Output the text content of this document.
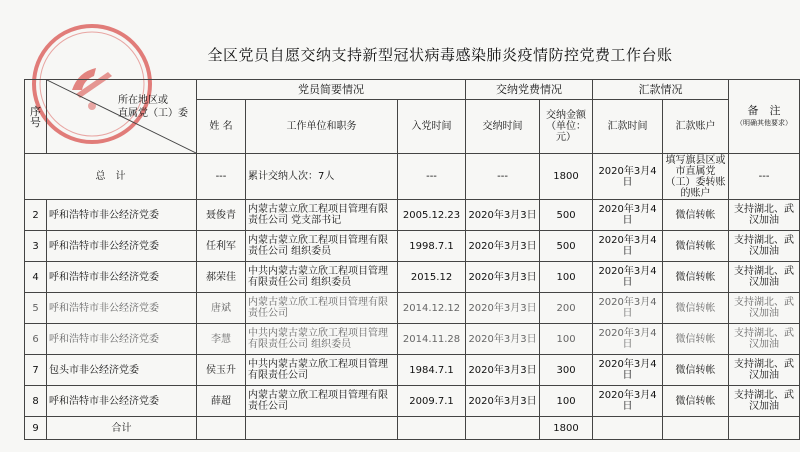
全区党员自愿交纳支持新型冠状病毒感染肺炎疫情防控党费工作台账
序号	所在地区或
直属党（工）委	党员简要情况			交纳党费情况		汇款情况		备　注
（明确其他要求）

		姓 名	工作单位和职务	入党时间	交纳时间	交纳金额（单位：元）	汇款时间	汇款账户	
总　计		---	累计交纳人次：7人	---	---	1800	2020年3月4日	填写旗县区或市直属党（工）委转账的账户	---
2	呼和浩特市非公经济党委	聂俊青	内蒙古蒙立欣工程项目管理有限责任公司 党支部书记	2005.12.23	2020年3月3日	500	2020年3月4日	微信转帐	支持湖北、武汉加油
3	呼和浩特市非公经济党委	任利军	内蒙古蒙立欣工程项目管理有限责任公司 组织委员	1998.7.1	2020年3月3日	500	2020年3月4日	微信转帐	支持湖北、武汉加油
4	呼和浩特市非公经济党委	郝荣佳	中共内蒙古蒙立欣工程项目管理有限责任公司 组织委员	2015.12	2020年3月3日	100	2020年3月4日	微信转帐	支持湖北、武汉加油
5	呼和浩特市非公经济党委	唐斌	内蒙古蒙立欣工程项目管理有限责任公司	2014.12.12	2020年3月3日	200	2020年3月4日	微信转帐	支持湖北、武汉加油
6	呼和浩特市非公经济党委	李慧	中共内蒙古蒙立欣工程项目管理有限责任公司 组织委员	2014.11.28	2020年3月3日	100	2020年3月4日	微信转帐	支持湖北、武汉加油
7	包头市非公经济党委	侯玉升	中共内蒙古蒙立欣工程项目管理有限责任公司	1984.7.1	2020年3月3日	300	2020年3月4日	微信转帐	支持湖北、武汉加油
8	呼和浩特市非公经济党委	薛超	内蒙古蒙立欣工程项目管理有限责任公司	2009.7.1	2020年3月3日	100	2020年3月4日	微信转帐	支持湖北、武汉加油
9	合计					1800			
